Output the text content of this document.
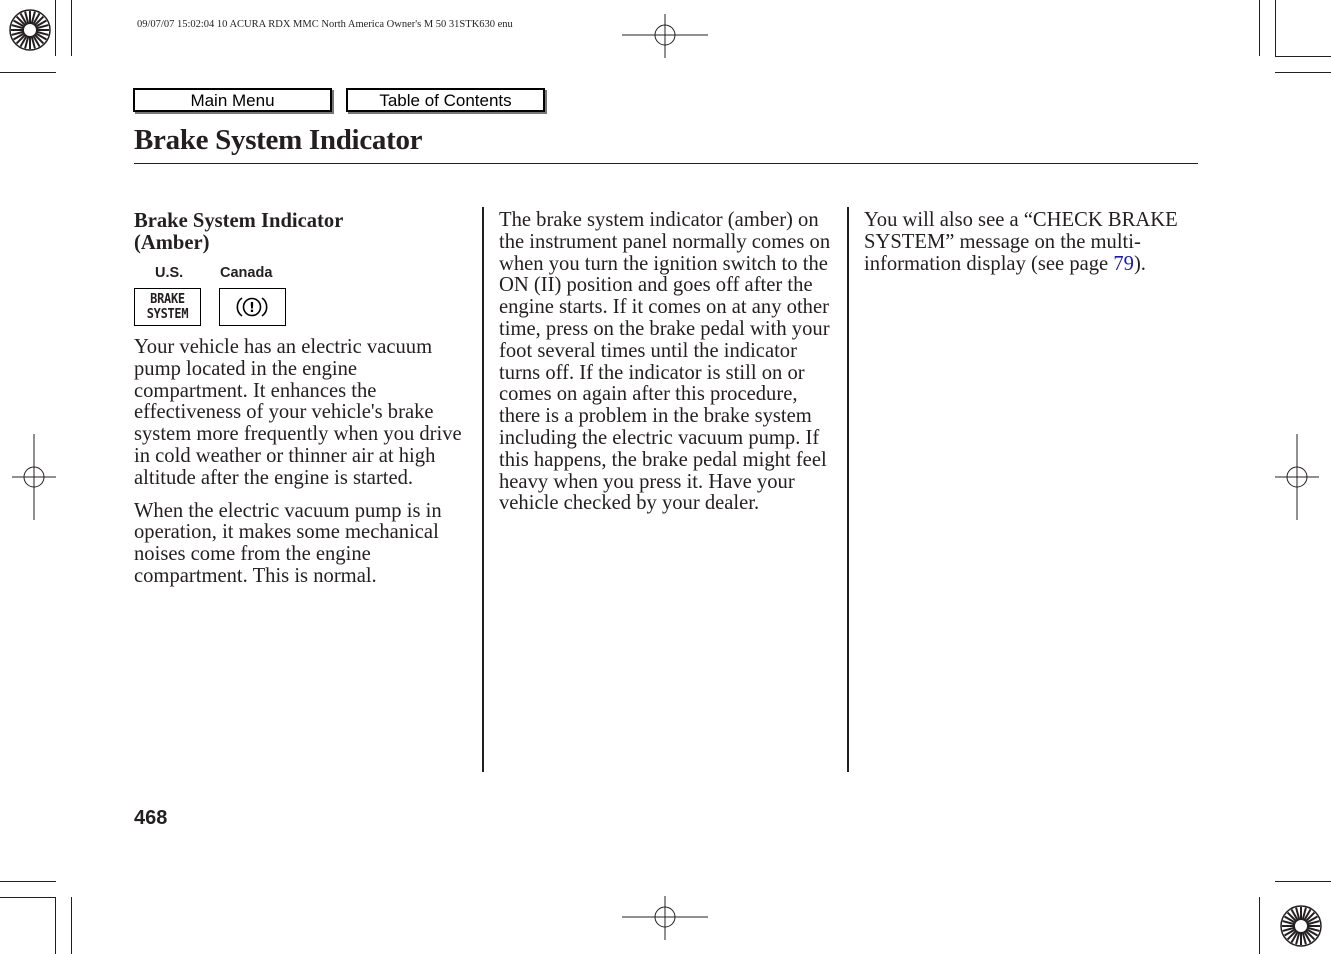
09/07/07 15:02:04 10 ACURA RDX MMC North America Owner's M 50 31STK630 enu
Main Menu	Table of Contents
Brake System Indicator
Brake System Indicator
(Amber)
U.S.	Canada
BRAKE
SYSTEM	!

Your vehicle has an electric vacuum pump located in the engine compartment. It enhances the effectiveness of your vehicle's brake system more frequently when you drive in cold weather or thinner air at high altitude after the engine is started.

When the electric vacuum pump is in operation, it makes some mechanical noises come from the engine compartment. This is normal.

The brake system indicator (amber) on the instrument panel normally comes on when you turn the ignition switch to the ON (II) position and goes off after the engine starts. If it comes on at any other time, press on the brake pedal with your foot several times until the indicator turns off. If the indicator is still on or comes on again after this procedure, there is a problem in the brake system including the electric vacuum pump. If this happens, the brake pedal might feel heavy when you press it. Have your vehicle checked by your dealer.

You will also see a “CHECK BRAKE SYSTEM” message on the multi-information display (see page 79).

468
